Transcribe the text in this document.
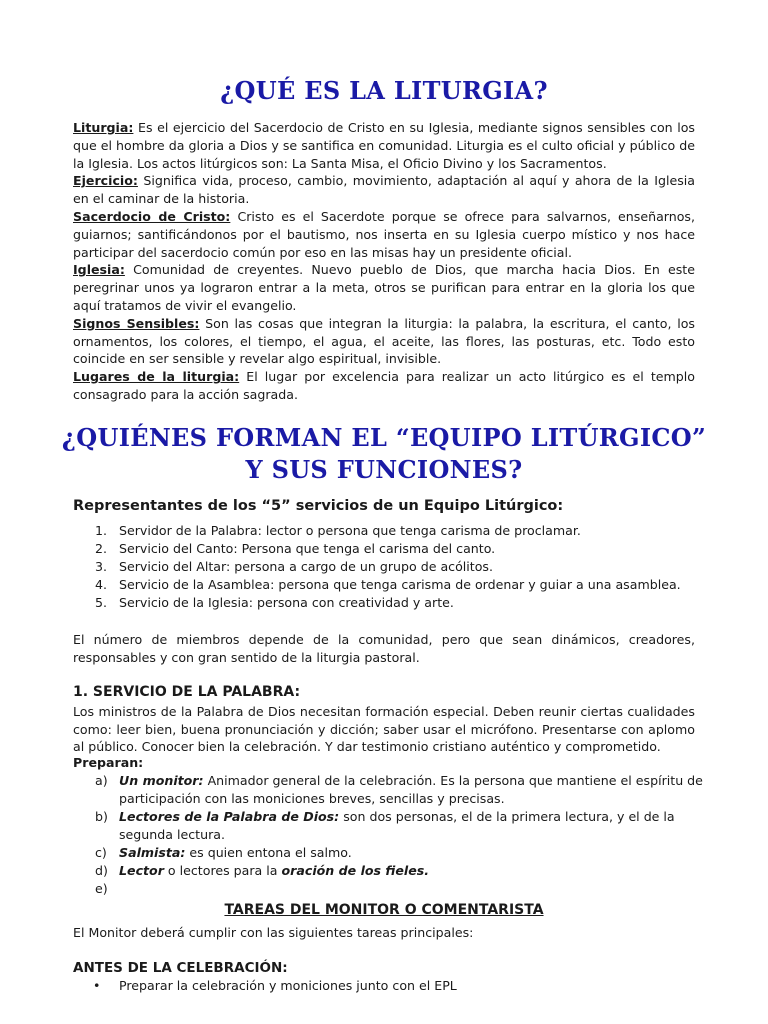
¿QUÉ ES LA LITURGIA?

Liturgia: Es el ejercicio del Sacerdocio de Cristo en su Iglesia, mediante signos sensibles con los que el hombre da gloria a Dios y se santifica en comunidad. Liturgia es el culto oficial y público de la Iglesia. Los actos litúrgicos son: La Santa Misa, el Oficio Divino y los Sacramentos.

Ejercicio: Significa vida, proceso, cambio, movimiento, adaptación al aquí y ahora de la Iglesia en el caminar de la historia.

Sacerdocio de Cristo: Cristo es el Sacerdote porque se ofrece para salvarnos, enseñarnos, guiarnos; santificándonos por el bautismo, nos inserta en su Iglesia cuerpo místico y nos hace participar del sacerdocio común por eso en las misas hay un presidente oficial.

Iglesia: Comunidad de creyentes. Nuevo pueblo de Dios, que marcha hacia Dios. En este peregrinar unos ya lograron entrar a la meta, otros se purifican para entrar en la gloria los que aquí tratamos de vivir el evangelio.

Signos Sensibles: Son las cosas que integran la liturgia: la palabra, la escritura, el canto, los ornamentos, los colores, el tiempo, el agua, el aceite, las flores, las posturas, etc. Todo esto coincide en ser sensible y revelar algo espiritual, invisible.

Lugares de la liturgia: El lugar por excelencia para realizar un acto litúrgico es el templo consagrado para la acción sagrada.

¿QUIÉNES FORMAN EL “EQUIPO LITÚRGICO”
Y SUS FUNCIONES?
Representantes de los “5” servicios de un Equipo Litúrgico:
1. Servidor de la Palabra: lector o persona que tenga carisma de proclamar.
2. Servicio del Canto: Persona que tenga el carisma del canto.
3. Servicio del Altar: persona a cargo de un grupo de acólitos.
4. Servicio de la Asamblea: persona que tenga carisma de ordenar y guiar a una asamblea.
5. Servicio de la Iglesia: persona con creatividad y arte.

El número de miembros depende de la comunidad, pero que sean dinámicos, creadores, responsables y con gran sentido de la liturgia pastoral.

1. SERVICIO DE LA PALABRA:

Los ministros de la Palabra de Dios necesitan formación especial. Deben reunir ciertas cualidades como: leer bien, buena pronunciación y dicción; saber usar el micrófono. Presentarse con aplomo al público. Conocer bien la celebración. Y dar testimonio cristiano auténtico y comprometido.

Preparan:

a) Un monitor: Animador general de la celebración. Es la persona que mantiene el espíritu de participación con las moniciones breves, sencillas y precisas.
b) Lectores de la Palabra de Dios: son dos personas, el de la primera lectura, y el de la segunda lectura.
c) Salmista: es quien entona el salmo.
d) Lector o lectores para la oración de los fieles.
e)

TAREAS DEL MONITOR O COMENTARISTA

El Monitor deberá cumplir con las siguientes tareas principales:

ANTES DE LA CELEBRACIÓN:
• Preparar la celebración y moniciones junto con el EPL
